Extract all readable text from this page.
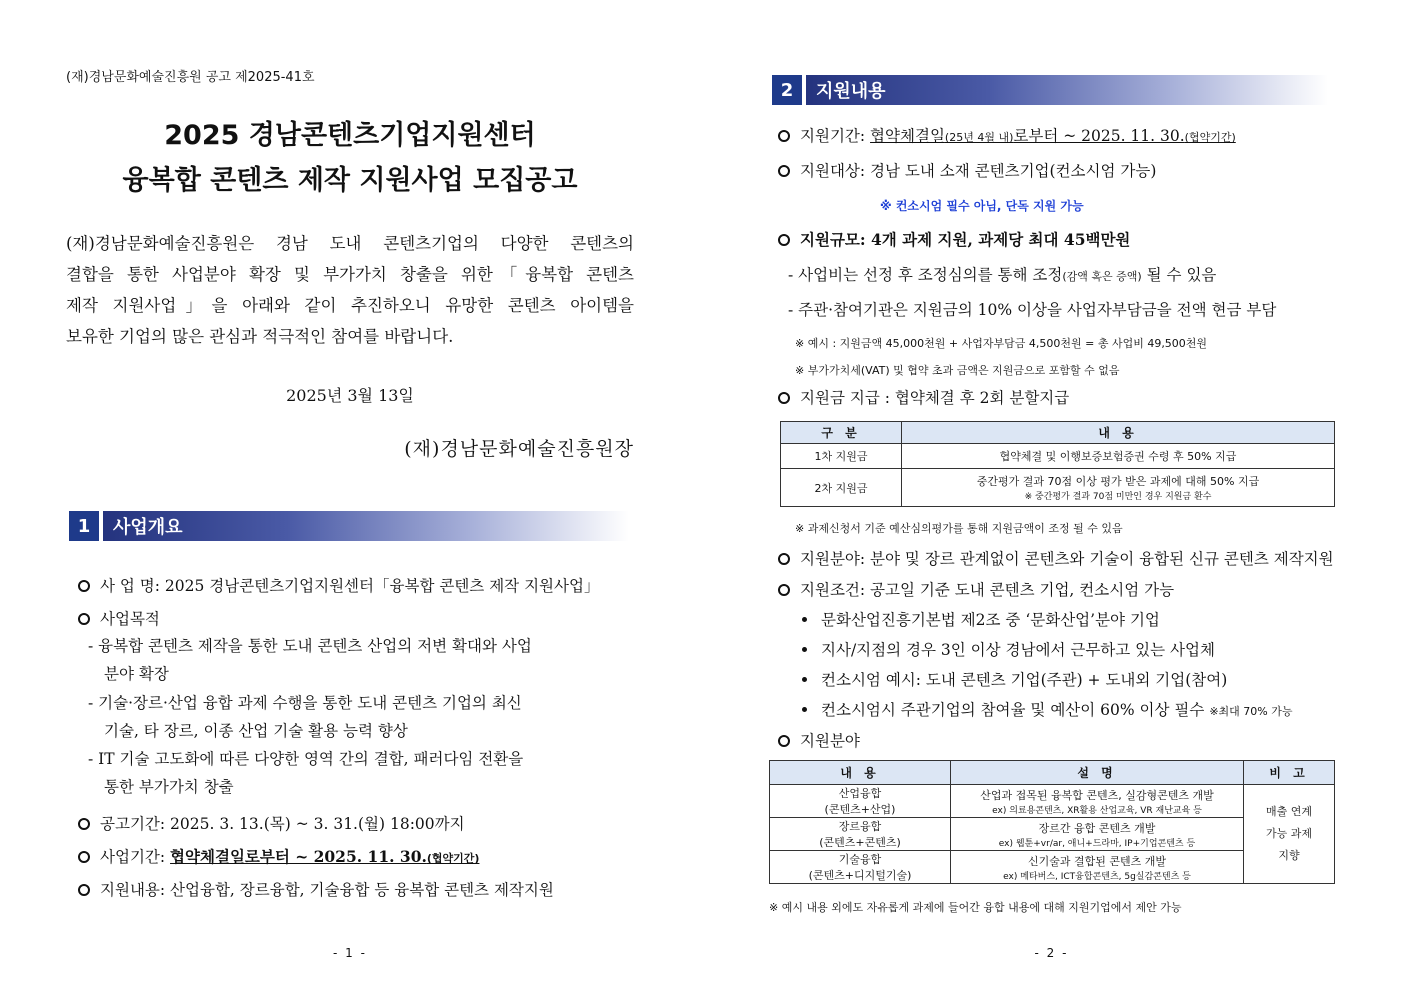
(재)경남문화예술진흥원 공고 제2025-41호
2025 경남콘텐츠기업지원센터
융복합 콘텐츠 제작 지원사업 모집공고
(재)경남문화예술진흥원은 경남 도내 콘텐츠기업의 다양한 콘텐츠의
결합을 통한 사업분야 확장 및 부가가치 창출을 위한「융복합 콘텐츠
제작 지원사업」을 아래와 같이 추진하오니 유망한 콘텐츠 아이템을
보유한 기업의 많은 관심과 적극적인 참여를 바랍니다.
2025년 3월 13일
(재)경남문화예술진흥원장
1	사업개요
사 업 명: 2025 경남콘텐츠기업지원센터「융복합 콘텐츠 제작 지원사업」
사업목적
- 융복합 콘텐츠 제작을 통한 도내 콘텐츠 산업의 저변 확대와 사업
분야 확장
- 기술·장르·산업 융합 과제 수행을 통한 도내 콘텐츠 기업의 최신
기술, 타 장르, 이종 산업 기술 활용 능력 향상
- IT 기술 고도화에 따른 다양한 영역 간의 결합, 패러다임 전환을
통한 부가가치 창출
공고기간: 2025. 3. 13.(목) ~ 3. 31.(월) 18:00까지
사업기간: 협약체결일로부터 ~ 2025. 11. 30.(협약기간)
지원내용: 산업융합, 장르융합, 기술융합 등 융복합 콘텐츠 제작지원
- 1 -
2	지원내용
지원기간: 협약체결일(25년 4월 내)로부터 ~ 2025. 11. 30.(협약기간)
지원대상: 경남 도내 소재 콘텐츠기업(컨소시엄 가능)
※ 컨소시엄 필수 아님, 단독 지원 가능
지원규모: 4개 과제 지원, 과제당 최대 45백만원
- 사업비는 선정 후 조정심의를 통해 조정(감액 혹은 증액) 될 수 있음
- 주관·참여기관은 지원금의 10% 이상을 사업자부담금을 전액 현금 부담
※ 예시 : 지원금액 45,000천원 + 사업자부담금 4,500천원 = 총 사업비 49,500천원
※ 부가가치세(VAT) 및 협약 초과 금액은 지원금으로 포함할 수 없음
지원금 지급 : 협약체결 후 2회 분할지급
구 분	내 용
1차 지원금	협약체결 및 이행보증보험증권 수령 후 50% 지급
2차 지원금	중간평가 결과 70점 이상 평가 받은 과제에 대해 50% 지급
※ 중간평가 결과 70점 미만인 경우 지원금 환수
※ 과제신청서 기준 예산심의평가를 통해 지원금액이 조정 될 수 있음
지원분야: 분야 및 장르 관계없이 콘텐츠와 기술이 융합된 신규 콘텐츠 제작지원
지원조건: 공고일 기준 도내 콘텐츠 기업, 컨소시엄 가능
문화산업진흥기본법 제2조 중 ‘문화산업’분야 기업
지사/지점의 경우 3인 이상 경남에서 근무하고 있는 사업체
컨소시엄 예시: 도내 콘텐츠 기업(주관) + 도내외 기업(참여)
컨소시엄시 주관기업의 참여율 및 예산이 60% 이상 필수 ※최대 70% 가능
지원분야
내 용	설 명	비 고
산업융합
(콘텐츠+산업)	산업과 접목된 융복합 콘텐츠, 실감형콘텐츠 개발
ex) 의료용콘텐츠, XR활용 산업교육, VR 재난교육 등	매출 연계
가능 과제
지향

장르융합
(콘텐츠+콘텐츠)	장르간 융합 콘텐츠 개발
ex) 웹툰+vr/ar, 애니+드라마, IP+기업콘텐츠 등	

기술융합
(콘텐츠+디지털기술)	신기술과 결합된 콘텐츠 개발
ex) 메타버스, ICT융합콘텐츠, 5g실감콘텐츠 등	
※ 예시 내용 외에도 자유롭게 과제에 들어간 융합 내용에 대해 지원기업에서 제안 가능
- 2 -
